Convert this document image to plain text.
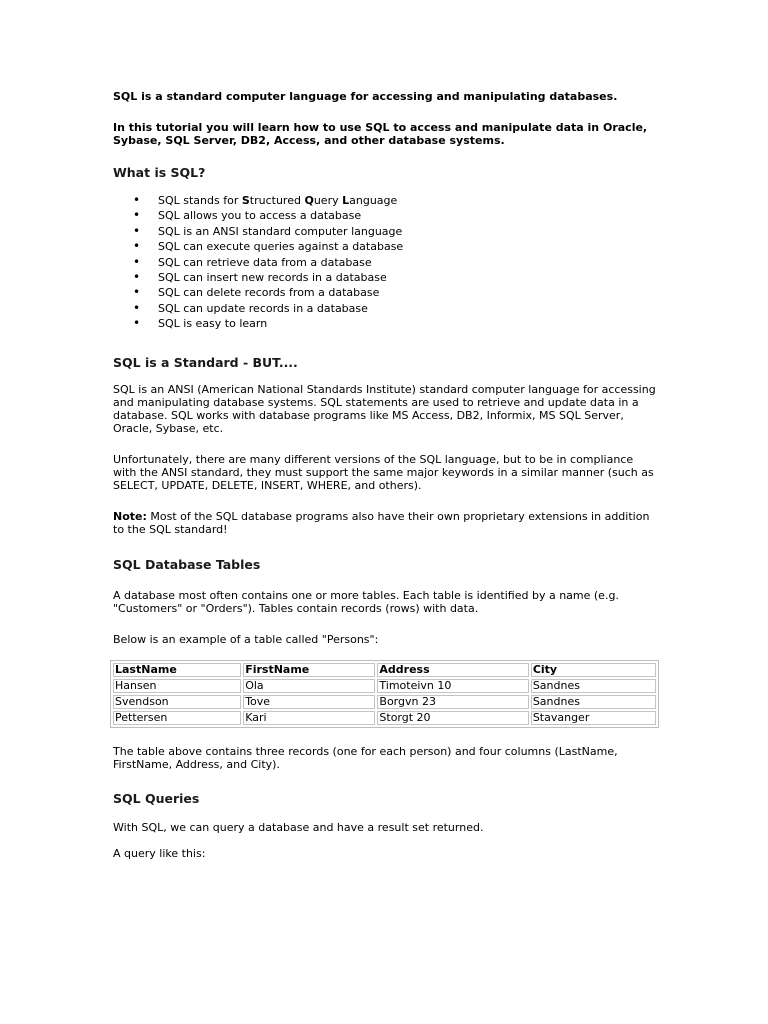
SQL is a standard computer language for accessing and manipulating databases.

In this tutorial you will learn how to use SQL to access and manipulate data in Oracle, Sybase, SQL Server, DB2, Access, and other database systems.

What is SQL?
• SQL stands for Structured Query Language
• SQL allows you to access a database
• SQL is an ANSI standard computer language
• SQL can execute queries against a database
• SQL can retrieve data from a database
• SQL can insert new records in a database
• SQL can delete records from a database
• SQL can update records in a database
• SQL is easy to learn
.
SQL is a Standard - BUT....

SQL is an ANSI (American National Standards Institute) standard computer language for accessing and manipulating database systems. SQL statements are used to retrieve and update data in a database. SQL works with database programs like MS Access, DB2, Informix, MS SQL Server, Oracle, Sybase, etc.

Unfortunately, there are many different versions of the SQL language, but to be in compliance with the ANSI standard, they must support the same major keywords in a similar manner (such as SELECT, UPDATE, DELETE, INSERT, WHERE, and others).

Note: Most of the SQL database programs also have their own proprietary extensions in addition to the SQL standard!

.
SQL Database Tables

A database most often contains one or more tables. Each table is identified by a name (e.g. "Customers" or "Orders"). Tables contain records (rows) with data.

Below is an example of a table called "Persons":

LastName	FirstName	Address	City
Hansen	Ola	Timoteivn 10	Sandnes
Svendson	Tove	Borgvn 23	Sandnes
Pettersen	Kari	Storgt 20	Stavanger

The table above contains three records (one for each person) and four columns (LastName, FirstName, Address, and City).

.
SQL Queries

With SQL, we can query a database and have a result set returned.

A query like this:
